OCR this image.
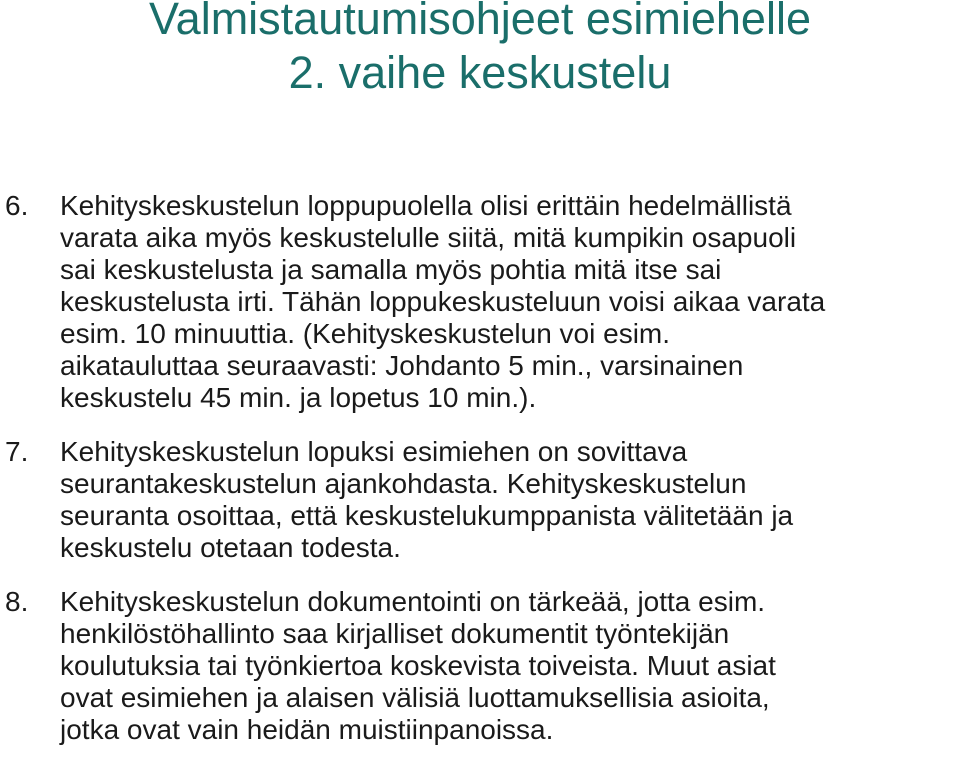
Valmistautumisohjeet esimiehelle
2. vaihe keskustelu
6. Kehityskeskustelun loppupuolella olisi erittäin hedelmällistä
varata aika myös keskustelulle siitä, mitä kumpikin osapuoli
sai keskustelusta ja samalla myös pohtia mitä itse sai
keskustelusta irti. Tähän loppukeskusteluun voisi aikaa varata
esim. 10 minuuttia. (Kehityskeskustelun voi esim.
aikatauluttaa seuraavasti: Johdanto 5 min., varsinainen
keskustelu 45 min. ja lopetus 10 min.).
7. Kehityskeskustelun lopuksi esimiehen on sovittava
seurantakeskustelun ajankohdasta. Kehityskeskustelun
seuranta osoittaa, että keskustelukumppanista välitetään ja
keskustelu otetaan todesta.
8. Kehityskeskustelun dokumentointi on tärkeää, jotta esim.
henkilöstöhallinto saa kirjalliset dokumentit työntekijän
koulutuksia tai työnkiertoa koskevista toiveista. Muut asiat
ovat esimiehen ja alaisen välisiä luottamuksellisia asioita,
jotka ovat vain heidän muistiinpanoissa.
